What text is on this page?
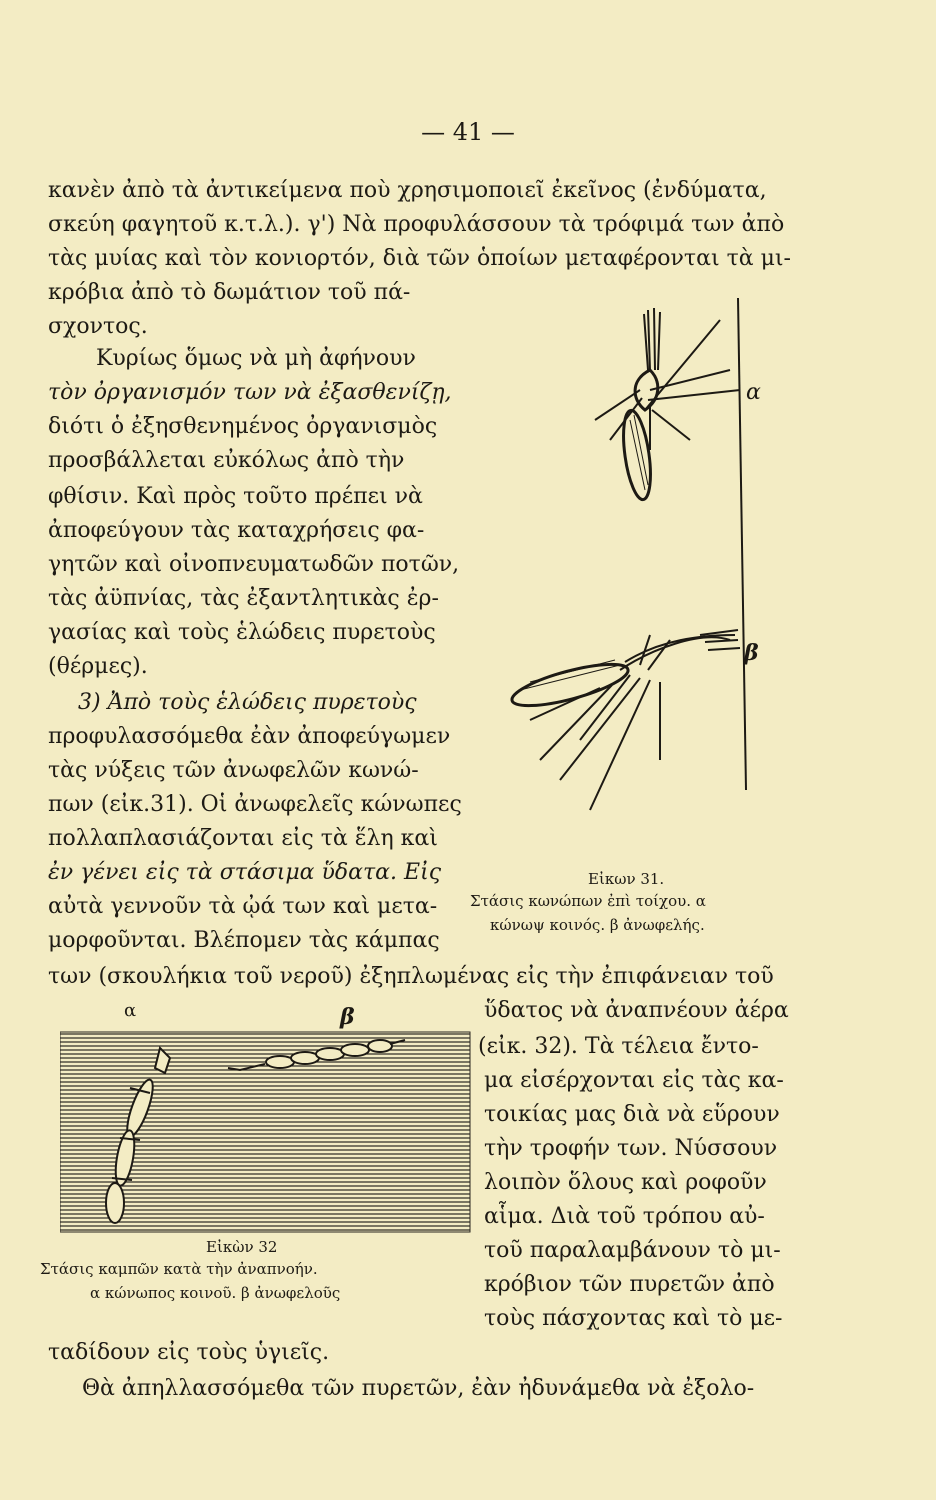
— 41 —
κανὲν ἀπὸ τὰ ἀντικείμενα ποὺ χρησιμοποιεῖ ἐκεῖνος (ἐνδύματα,
σκεύη φαγητοῦ κ.τ.λ.). γ') Νὰ προφυλάσσουν τὰ τρόφιμά των ἀπὸ
τὰς μυίας καὶ τὸν κονιορτόν, διὰ τῶν ὁποίων μεταφέρονται τὰ μι-
κρόβια ἀπὸ τὸ δωμάτιον τοῦ πά-
σχοντος.
Κυρίως ὅμως νὰ μὴ ἀφήνουν
τὸν ὀργανισμόν των νὰ ἐξασθενίζῃ,
διότι ὁ ἐξησθενημένος ὀργανισμὸς
προσβάλλεται εὐκόλως ἀπὸ τὴν
φθίσιν. Καὶ πρὸς τοῦτο πρέπει νὰ
ἀποφεύγουν τὰς καταχρήσεις φα-
γητῶν καὶ οἰνοπνευματωδῶν ποτῶν,
τὰς ἀϋπνίας, τὰς ἐξαντλητικὰς ἐρ-
γασίας καὶ τοὺς ἑλώδεις πυρετοὺς
(θέρμες).
3) Ἀπὸ τοὺς ἑλώδεις πυρετοὺς
προφυλασσόμεθα ἐὰν ἀποφεύγωμεν
τὰς νύξεις τῶν ἀνωφελῶν κωνώ-
πων (εἰκ.31). Οἱ ἀνωφελεῖς κώνωπες
πολλαπλασιάζονται εἰς τὰ ἕλη καὶ
ἐν γένει εἰς τὰ στάσιμα ὕδατα. Εἰς
αὐτὰ γεννοῦν τὰ ᾠά των καὶ μετα-
μορφοῦνται. Βλέπομεν τὰς κάμπας
των (σκουλήκια τοῦ νεροῦ) ἐξηπλωμένας εἰς τὴν ἐπιφάνειαν τοῦ
ὕδατος νὰ ἀναπνέουν ἀέρα
(εἰκ. 32). Τὰ τέλεια ἔντο-
μα εἰσέρχονται εἰς τὰς κα-
τοικίας μας διὰ νὰ εὕρουν
τὴν τροφήν των. Νύσσουν
λοιπὸν ὅλους καὶ ροφοῦν
αἷμα. Διὰ τοῦ τρόπου αὐ-
τοῦ παραλαμβάνουν τὸ μι-
κρόβιον τῶν πυρετῶν ἀπὸ
τοὺς πάσχοντας καὶ τὸ με-
ταδίδουν εἰς τοὺς ὑγιεῖς.
Θὰ ἀπηλλασσόμεθα τῶν πυρετῶν, ἐὰν ἠδυνάμεθα νὰ ἐξολο-
α
β
Εἰκων 31.
Στάσις κωνώπων ἐπὶ τοίχου. α
κώνωψ κοινός. β ἀνωφελής.
α	β
Εἰκὼν 32
Στάσις καμπῶν κατὰ τὴν ἀναπνοήν.
α κώνωπος κοινοῦ. β ἀνωφελοῦς
